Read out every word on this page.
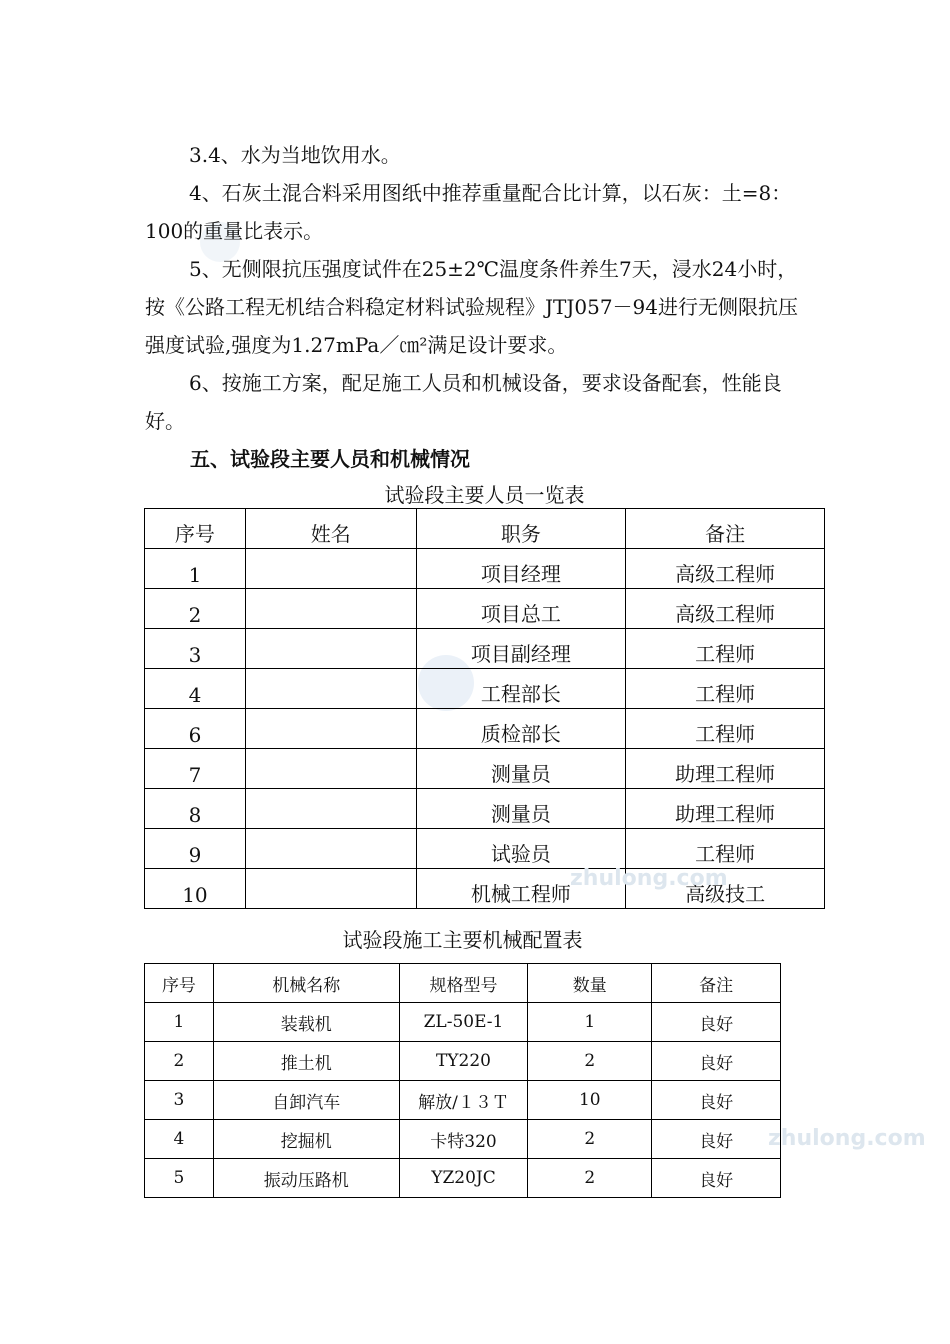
3.4、水为当地饮用水。

4、石灰土混合料采用图纸中推荐重量配合比计算，以石灰：土=8：100的重量比表示。

5、无侧限抗压强度试件在25±2℃温度条件养生7天，浸水24小时，按《公路工程无机结合料稳定材料试验规程》JTJ057－94进行无侧限抗压强度试验,强度为1.27mPa／㎝²满足设计要求。

6、按施工方案，配足施工人员和机械设备，要求设备配套，性能良好。

五、试验段主要人员和机械情况

试验段主要人员一览表

序号	姓名	职务	备注
1		项目经理	高级工程师
2		项目总工	高级工程师
3		项目副经理	工程师
4		工程部长	工程师
6		质检部长	工程师
7		测量员	助理工程师
8		测量员	助理工程师
9		试验员	工程师
10		机械工程师	高级技工
zhulong.com

试验段施工主要机械配置表

序号	机械名称	规格型号	数量	备注
1	装载机	ZL-50E-1	1	良好
2	推土机	TY220	2	良好
3	自卸汽车	解放/１３Ｔ	10	良好
4	挖掘机	卡特320	2	良好
5	振动压路机	YZ20JC	2	良好
zhulong.com
